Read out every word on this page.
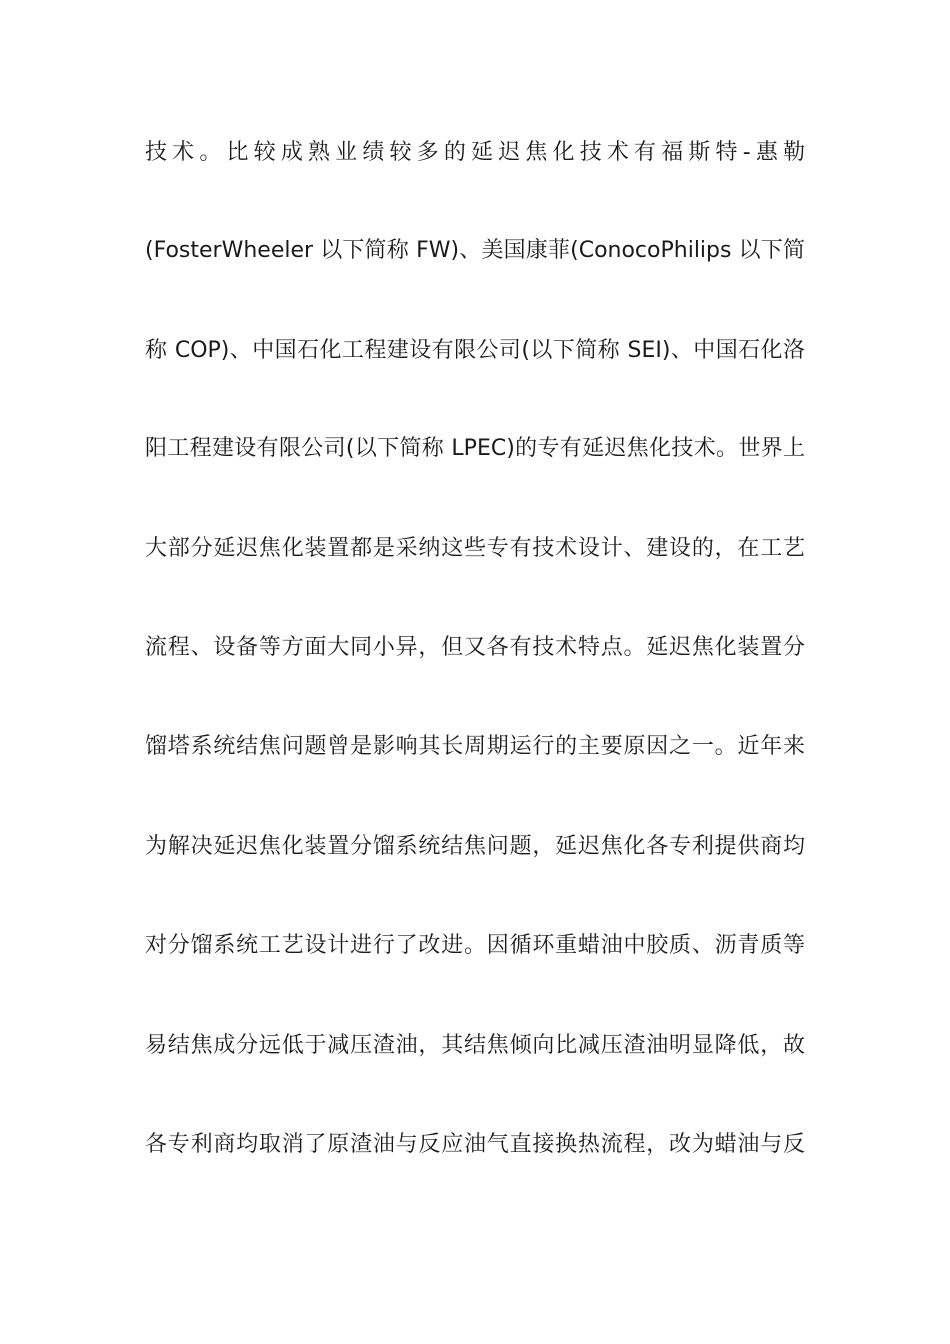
技术。比较成熟业绩较多的延迟焦化技术有福斯特-惠勒
(FosterWheeler 以下简称 FW)、美国康菲(ConocoPhilips 以下简
称 COP)、中国石化工程建设有限公司(以下简称 SEI)、中国石化洛
阳工程建设有限公司(以下简称 LPEC)的专有延迟焦化技术。世界上
大部分延迟焦化装置都是采纳这些专有技术设计、建设的，在工艺
流程、设备等方面大同小异，但又各有技术特点。延迟焦化装置分
馏塔系统结焦问题曾是影响其长周期运行的主要原因之一。近年来
为解决延迟焦化装置分馏系统结焦问题，延迟焦化各专利提供商均
对分馏系统工艺设计进行了改进。因循环重蜡油中胶质、沥青质等
易结焦成分远低于减压渣油，其结焦倾向比减压渣油明显降低，故
各专利商均取消了原渣油与反应油气直接换热流程，改为蜡油与反
